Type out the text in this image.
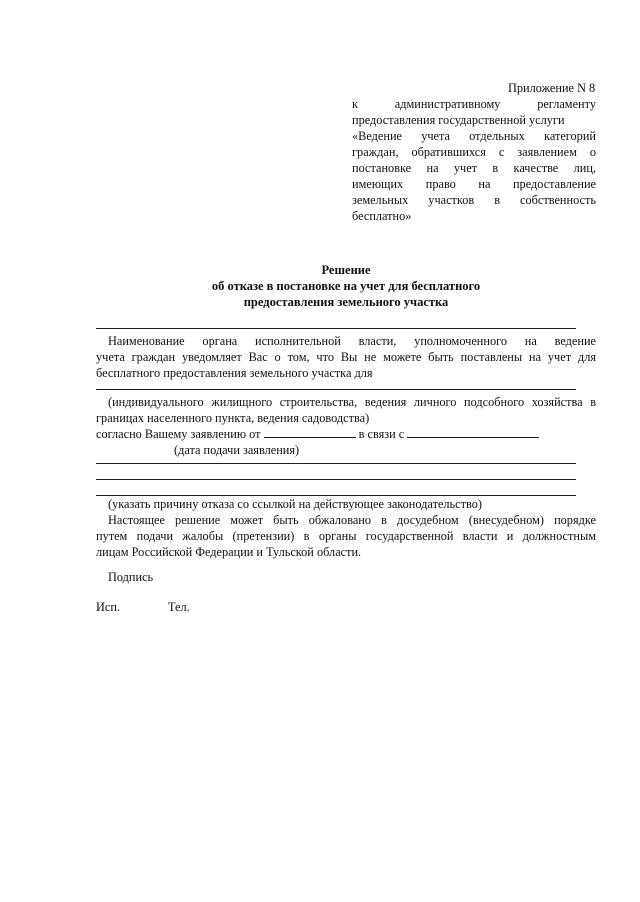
Приложение N 8
к административному регламенту
предоставления государственной услуги
«Ведение учета отдельных категорий
граждан, обратившихся с заявлением о
постановке на учет в качестве лиц,
имеющих право на предоставление
земельных участков в собственность
бесплатно»
Решение
об отказе в постановке на учет для бесплатного
предоставления земельного участка
Наименование органа исполнительной власти, уполномоченного на ведение
учета граждан уведомляет Вас о том, что Вы не можете быть поставлены на учет для
бесплатного предоставления земельного участка для
(индивидуального жилищного строительства, ведения личного подсобного хозяйства в
границах населенного пункта, ведения садоводства)
согласно Вашему заявлению от	в связи с
(дата подачи заявления)
(указать причину отказа со ссылкой на действующее законодательство)
Настоящее решение может быть обжаловано в досудебном (внесудебном) порядке
путем подачи жалобы (претензии) в органы государственной власти и должностным
лицам Российской Федерации и Тульской области.
Подпись
Исп.	Тел.
